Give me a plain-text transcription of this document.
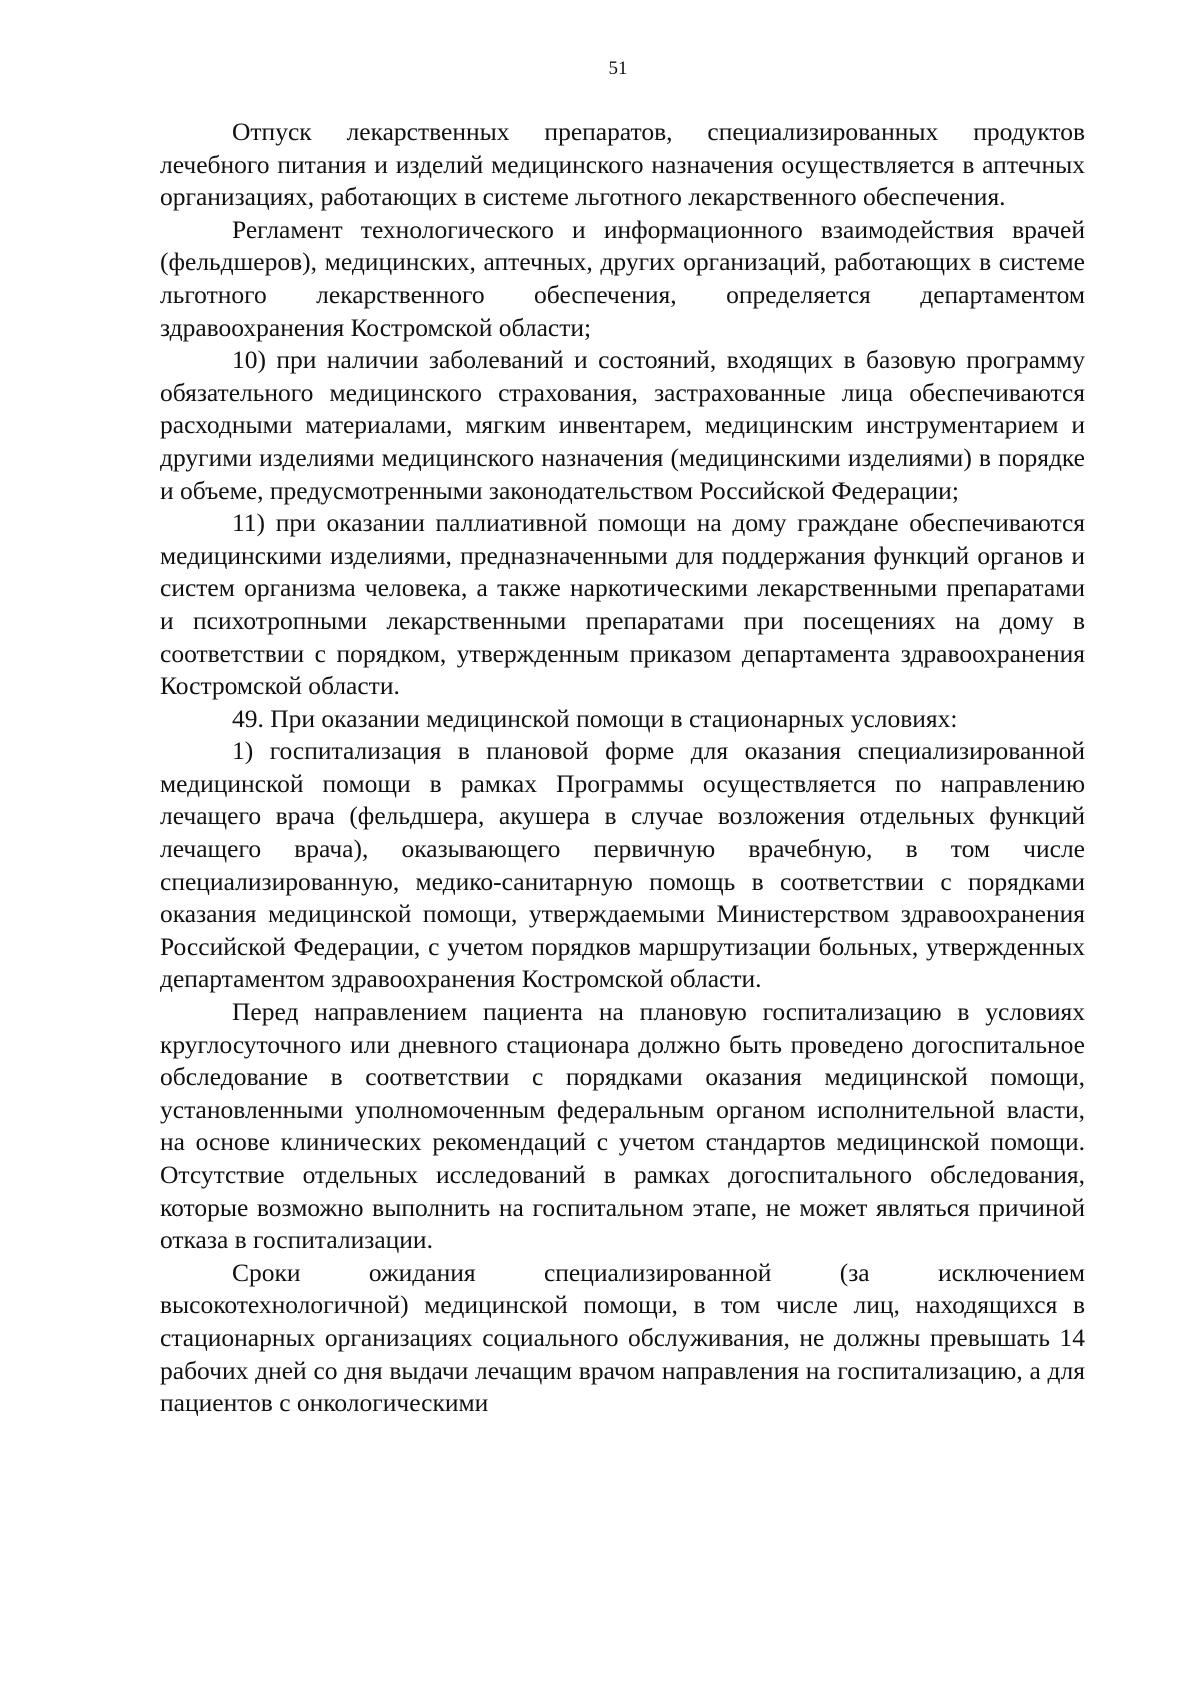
51

Отпуск лекарственных препаратов, специализированных продуктов лечебного питания и изделий медицинского назначения осуществляется в аптечных организациях, работающих в системе льготного лекарственного обеспечения.

Регламент технологического и информационного взаимодействия врачей (фельдшеров), медицинских, аптечных, других организаций, работающих в системе льготного лекарственного обеспечения, определяется департаментом здравоохранения Костромской области;

10) при наличии заболеваний и состояний, входящих в базовую программу обязательного медицинского страхования, застрахованные лица обеспечиваются расходными материалами, мягким инвентарем, медицинским инструментарием и другими изделиями медицинского назначения (медицинскими изделиями) в порядке и объеме, предусмотренными законодательством Российской Федерации;

11) при оказании паллиативной помощи на дому граждане обеспечиваются медицинскими изделиями, предназначенными для поддержания функций органов и систем организма человека, а также наркотическими лекарственными препаратами и психотропными лекарственными препаратами при посещениях на дому в соответствии с порядком, утвержденным приказом департамента здравоохранения Костромской области.

49. При оказании медицинской помощи в стационарных условиях:

1) госпитализация в плановой форме для оказания специализированной медицинской помощи в рамках Программы осуществляется по направлению лечащего врача (фельдшера, акушера в случае возложения отдельных функций лечащего врача), оказывающего первичную врачебную, в том числе специализированную, медико-санитарную помощь в соответствии с порядками оказания медицинской помощи, утверждаемыми Министерством здравоохранения Российской Федерации, с учетом порядков маршрутизации больных, утвержденных департаментом здравоохранения Костромской области.

Перед направлением пациента на плановую госпитализацию в условиях круглосуточного или дневного стационара должно быть проведено догоспитальное обследование в соответствии с порядками оказания медицинской помощи, установленными уполномоченным федеральным органом исполнительной власти, на основе клинических рекомендаций с учетом стандартов медицинской помощи. Отсутствие отдельных исследований в рамках догоспитального обследования, которые возможно выполнить на госпитальном этапе, не может являться причиной отказа в госпитализации.

Сроки ожидания специализированной (за исключением высокотехнологичной) медицинской помощи, в том числе лиц, находящихся в стационарных организациях социального обслуживания, не должны превышать 14 рабочих дней со дня выдачи лечащим врачом направления на госпитализацию, а для пациентов с онкологическими
